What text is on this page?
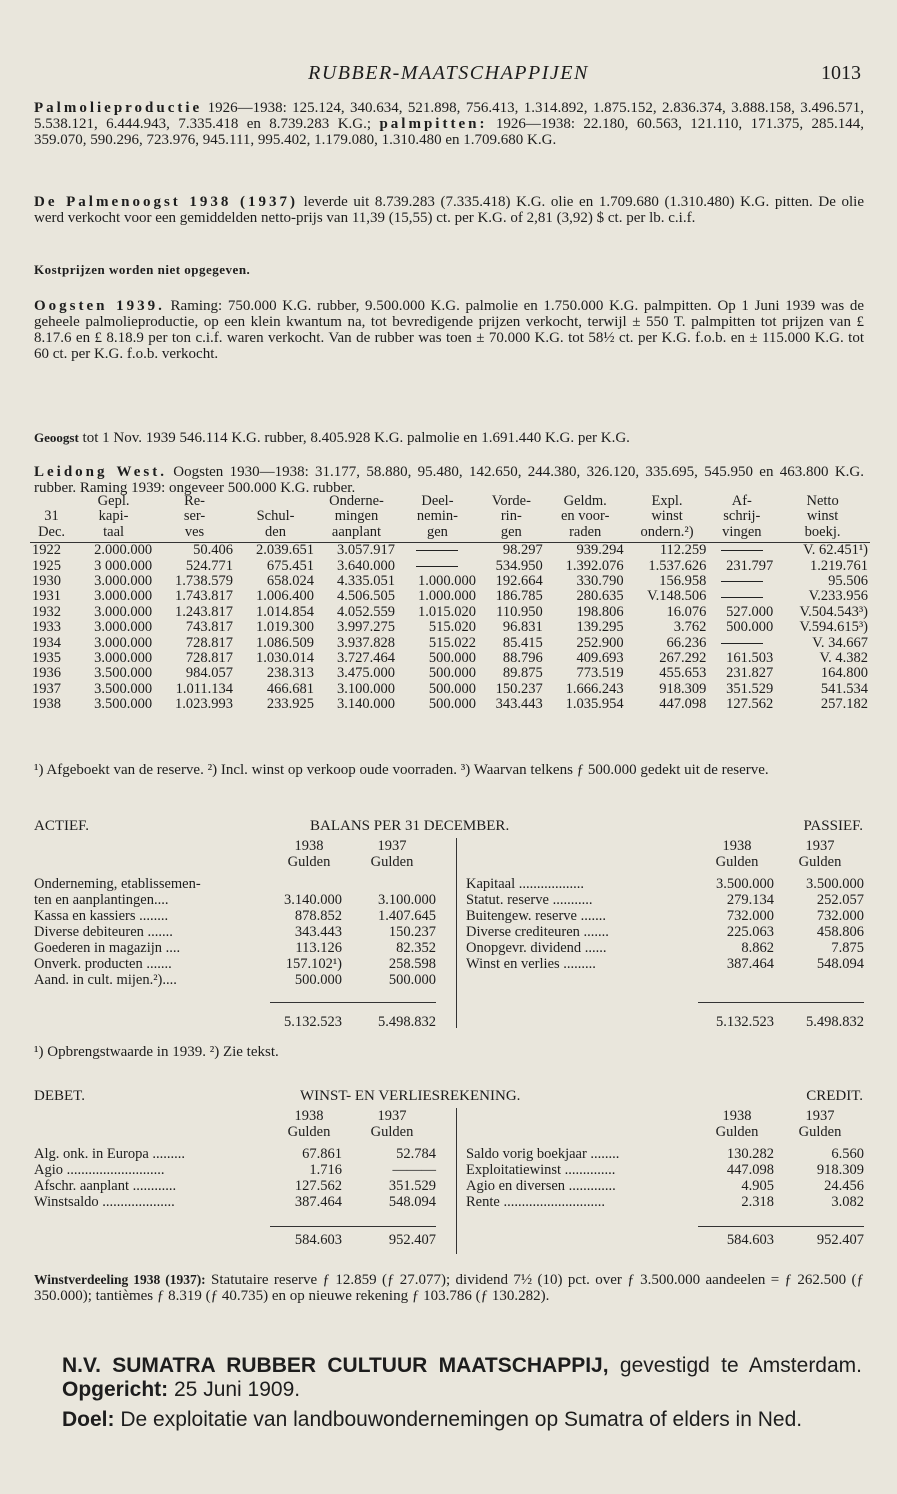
RUBBER-MAATSCHAPPIJEN	1013
Palmolieproductie 1926—1938: 125.124, 340.634, 521.898, 756.413, 1.314.892, 1.875.152, 2.836.374, 3.888.158, 3.496.571, 5.538.121, 6.444.943, 7.335.418 en 8.739.283 K.G.; palmpitten: 1926—1938: 22.180, 60.563, 121.110, 171.375, 285.144, 359.070, 590.296, 723.976, 945.111, 995.402, 1.179.080, 1.310.480 en 1.709.680 K.G.
De Palmenoogst 1938 (1937) leverde uit 8.739.283 (7.335.418) K.G. olie en 1.709.680 (1.310.480) K.G. pitten. De olie werd verkocht voor een gemiddelden netto-prijs van 11,39 (15,55) ct. per K.G. of 2,81 (3,92) $ ct. per lb. c.i.f.
Kostprijzen worden niet opgegeven.
Oogsten 1939. Raming: 750.000 K.G. rubber, 9.500.000 K.G. palmolie en 1.750.000 K.G. palmpitten. Op 1 Juni 1939 was de geheele palmolieproductie, op een klein kwantum na, tot bevredigende prijzen verkocht, terwijl ± 550 T. palmpitten tot prijzen van £ 8.17.6 en £ 8.18.9 per ton c.i.f. waren verkocht. Van de rubber was toen ± 70.000 K.G. tot 58½ ct. per K.G. f.o.b. en ± 115.000 K.G. tot 60 ct. per K.G. f.o.b. verkocht.
Geoogst tot 1 Nov. 1939 546.114 K.G. rubber, 8.405.928 K.G. palmolie en 1.691.440 K.G. per K.G.
Leidong West. Oogsten 1930—1938: 31.177, 58.880, 95.480, 142.650, 244.380, 326.120, 335.695, 545.950 en 463.800 K.G. rubber. Raming 1939: ongeveer 500.000 K.G. rubber.
	Gepl.	Re-		Onderne-	Deel-	Vorde-	Geldm.	Expl.	Af-	Netto
31	kapi-	ser-	Schul-	mingen	nemin-	rin-	en voor-	winst	schrij-	winst
Dec.	taal	ves	den	aanplant	gen	gen	raden	ondern.²)	vingen	boekj.

1922	2.000.000	50.406	2.039.651	3.057.917		98.297	939.294	112.259		V. 62.451¹)
1925	3 000.000	524.771	675.451	3.640.000		534.950	1.392.076	1.537.626	231.797	1.219.761
1930	3.000.000	1.738.579	658.024	4.335.051	1.000.000	192.664	330.790	156.958		95.506
1931	3.000.000	1.743.817	1.006.400	4.506.505	1.000.000	186.785	280.635	V.148.506		V.233.956
1932	3.000.000	1.243.817	1.014.854	4.052.559	1.015.020	110.950	198.806	16.076	527.000	V.504.543³)
1933	3.000.000	743.817	1.019.300	3.997.275	515.020	96.831	139.295	3.762	500.000	V.594.615³)
1934	3.000.000	728.817	1.086.509	3.937.828	515.022	85.415	252.900	66.236		V. 34.667
1935	3.000.000	728.817	1.030.014	3.727.464	500.000	88.796	409.693	267.292	161.503	V. 4.382
1936	3.500.000	984.057	238.313	3.475.000	500.000	89.875	773.519	455.653	231.827	164.800
1937	3.500.000	1.011.134	466.681	3.100.000	500.000	150.237	1.666.243	918.309	351.529	541.534
1938	3.500.000	1.023.993	233.925	3.140.000	500.000	343.443	1.035.954	447.098	127.562	257.182
¹) Afgeboekt van de reserve. ²) Incl. winst op verkoop oude voorraden. ³) Waarvan telkens ƒ 500.000 gedekt uit de reserve.
ACTIEF.	BALANS PER 31 DECEMBER.	PASSIEF.
1938	1937
Gulden	Gulden
1938	1937
Gulden	Gulden
Onderneming, etablissemen-
ten en aanplantingen....	3.140.000	3.100.000
Kassa en kassiers ........	878.852	1.407.645
Diverse debiteuren .......	343.443	150.237
Goederen in magazijn ....	113.126	82.352
Onverk. producten .......	157.102¹)	258.598
Aand. in cult. mijen.²)....	500.000	500.000
Kapitaal ..................	3.500.000	3.500.000
Statut. reserve ...........	279.134	252.057
Buitengew. reserve .......	732.000	732.000
Diverse crediteuren .......	225.063	458.806
Onopgevr. dividend ......	8.862	7.875
Winst en verlies .........	387.464	548.094
5.132.523	5.498.832	5.132.523	5.498.832
¹) Opbrengstwaarde in 1939. ²) Zie tekst.
DEBET.	WINST- EN VERLIESREKENING.	CREDIT.
1938	1937
Gulden	Gulden
1938	1937
Gulden	Gulden
Alg. onk. in Europa .........	67.861	52.784
Agio ...........................	1.716	———
Afschr. aanplant ............	127.562	351.529
Winstsaldo ....................	387.464	548.094
Saldo vorig boekjaar ........	130.282	6.560
Exploitatiewinst ..............	447.098	918.309
Agio en diversen .............	4.905	24.456
Rente ............................	2.318	3.082
584.603	952.407	584.603	952.407
Winstverdeeling 1938 (1937): Statutaire reserve ƒ 12.859 (ƒ 27.077); dividend 7½ (10) pct. over ƒ 3.500.000 aandeelen = ƒ 262.500 (ƒ 350.000); tantièmes ƒ 8.319 (ƒ 40.735) en op nieuwe rekening ƒ 103.786 (ƒ 130.282).
N.V. SUMATRA RUBBER CULTUUR MAATSCHAPPIJ, gevestigd te Amsterdam. Opgericht: 25 Juni 1909.
Doel: De exploitatie van landbouwondernemingen op Sumatra of elders in Ned.
